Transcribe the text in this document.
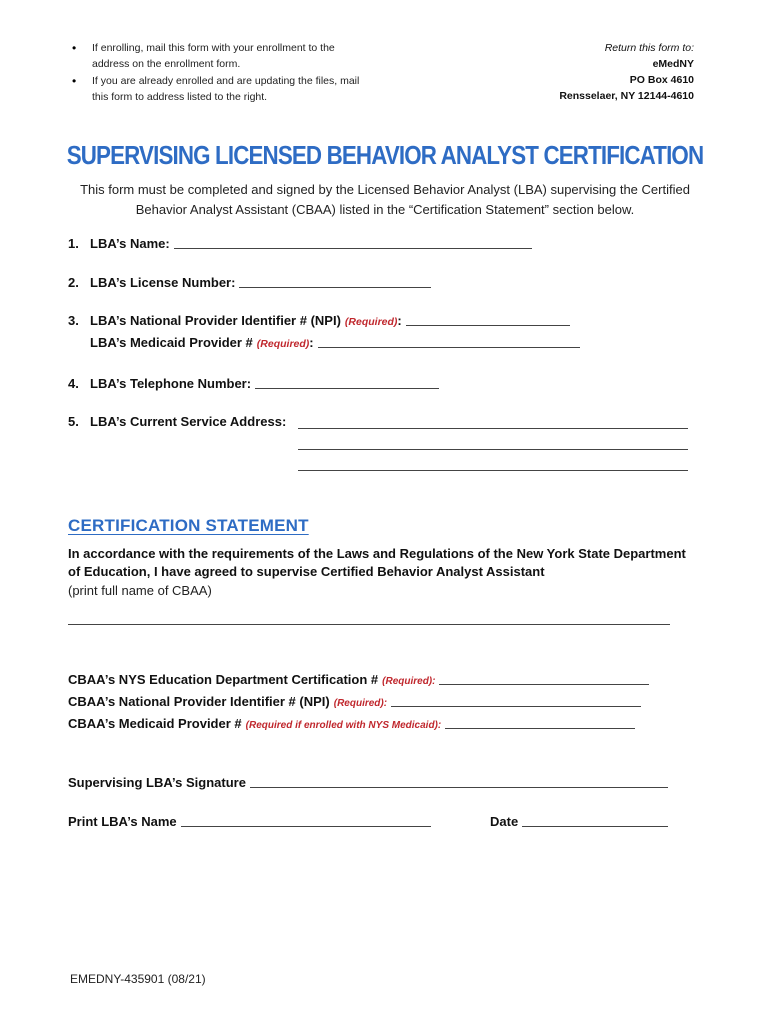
•	If enrolling, mail this form with your enrollment to the address on the enrollment form.
•	If you are already enrolled and are updating the files, mail this form to address listed to the right.
Return this form to:
eMedNY
PO Box 4610
Rensselaer, NY 12144-4610
SUPERVISING LICENSED BEHAVIOR ANALYST CERTIFICATION
This form must be completed and signed by the Licensed Behavior Analyst (LBA) supervising the Certified Behavior Analyst Assistant (CBAA) listed in the “Certification Statement” section below.
1. LBA’s Name:
2. LBA’s License Number:
3. LBA’s National Provider Identifier # (NPI) (Required) :
LBA’s Medicaid Provider # (Required) :
4. LBA’s Telephone Number:
5. LBA’s Current Service Address:
CERTIFICATION STATEMENT
In accordance with the requirements of the Laws and Regulations of the New York State Department of Education, I have agreed to supervise Certified Behavior Analyst Assistant
(print full name of CBAA)
CBAA’s NYS Education Department Certification # (Required):
CBAA’s National Provider Identifier # (NPI) (Required):
CBAA’s Medicaid Provider # (Required if enrolled with NYS Medicaid):
Supervising LBA’s Signature
Print LBA’s Name	Date
EMEDNY-435901 (08/21)
